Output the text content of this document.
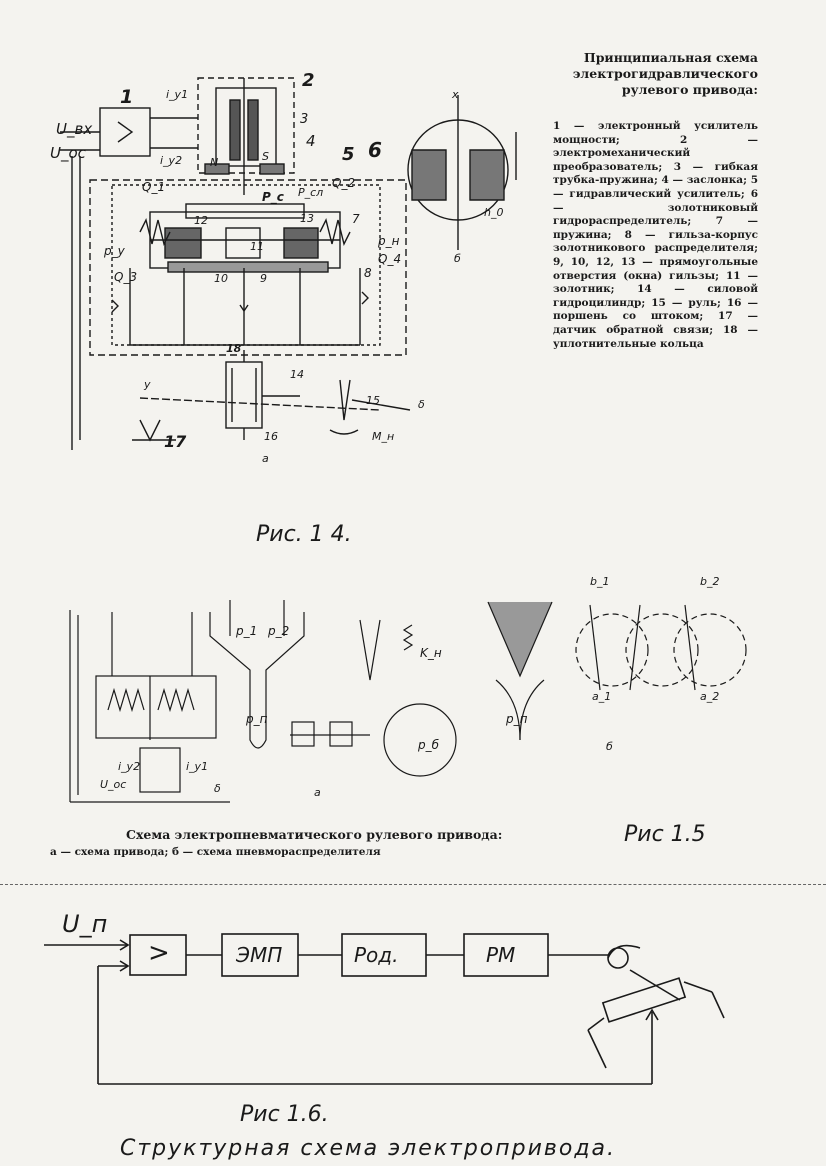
U_вх
U_ос
1
2
3
4
5 6
i_y1
i_y2	N	S
Q_1	Q_2
Q_3
Q_4
p_у
p_н
P_сл
P_c
12	13	7
8
9
10
11
18
14
15
16
17
y
δ
М_н
а
б
h_0
x
Принципиальная схема электрогидравлического рулевого привода:
1 — электронный усилитель мощности; 2 — электромеханический преобразователь; 3 — гибкая трубка-пружина; 4 — заслонка; 5 — гидравлический усилитель; 6 — золотниковый гидрораспределитель; 7 — пружина; 8 — гильза-корпус золотникового распределителя; 9, 10, 12, 13 — прямоугольные отверстия (окна) гильзы; 11 — золотник; 14 — силовой гидроцилиндр; 15 — руль; 16 — поршень со штоком; 17 — датчик обратной связи; 18 — уплотнительные кольца
Рис. 1 4.
p_1 p_2
p_п
p_б
K_н
p_п
b_1	b_2
a_1	a_2
U_ос
i_у1
i_у2
δ	а
б
Схема электропневматического рулевого привода:
а — схема привода; б — схема пневмораспределителя
Рис 1.5
U_п
>	ЭМП	Род.	РМ
Рис 1.6.
Структурная схема электропривода.
